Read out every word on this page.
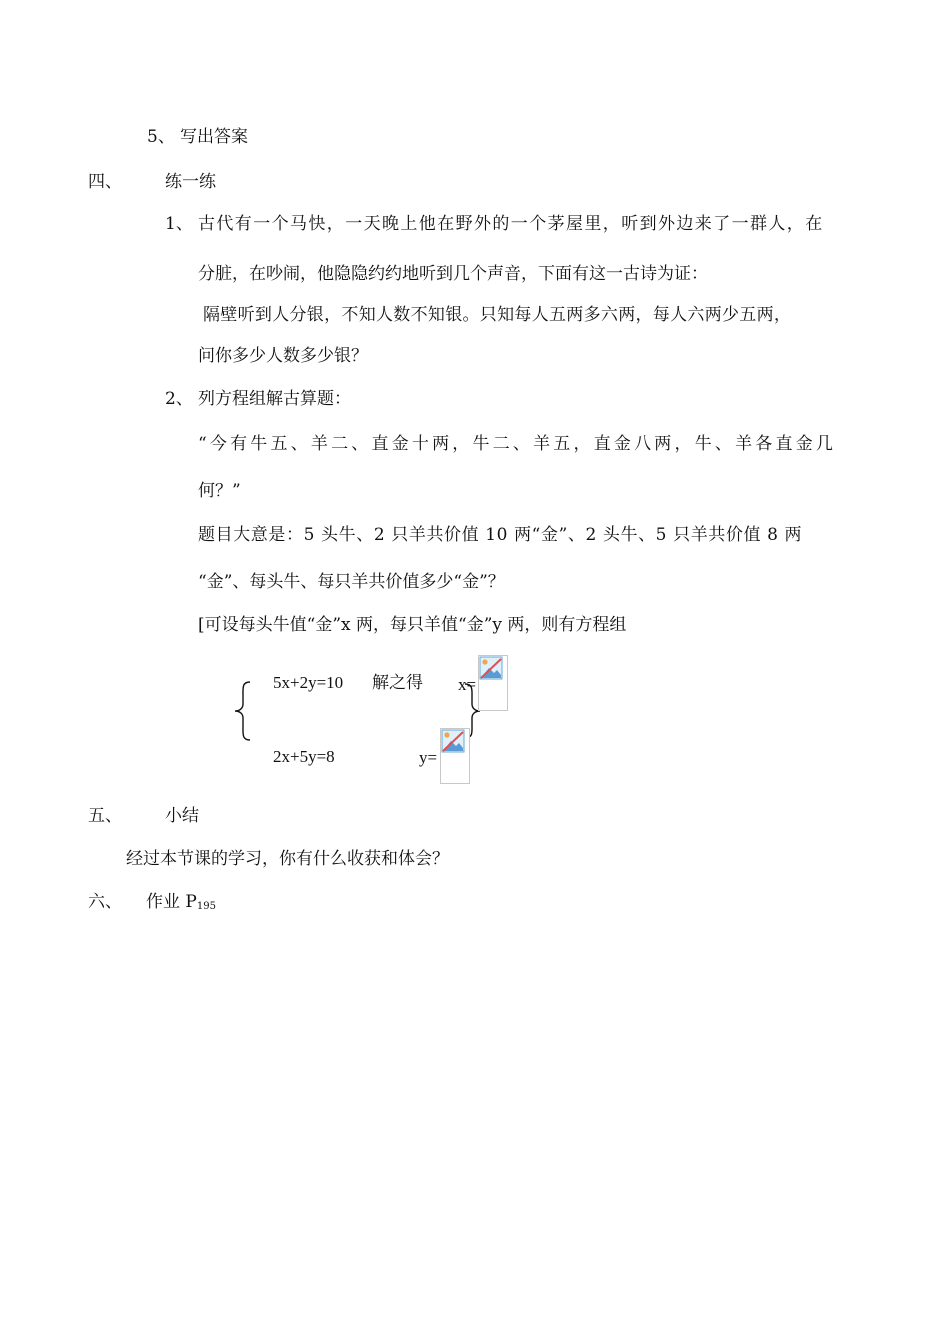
5、 写出答案
四、	练一练
1、 古代有一个马快，一天晚上他在野外的一个茅屋里，听到外边来了一群人，在
分脏，在吵闹，他隐隐约约地听到几个声音，下面有这一古诗为证：
隔壁听到人分银，不知人数不知银。只知每人五两多六两，每人六两少五两，
问你多少人数多少银？
2、 列方程组解古算题：
“今有牛五、羊二、直金十两，牛二、羊五，直金八两，牛、羊各直金几
何？”
题目大意是：5 头牛、2 只羊共价值 10 两“金”、2 头牛、5 只羊共价值 8 两
“金”、每头牛、每只羊共价值多少“金”？
[可设每头牛值“金”x 两，每只羊值“金”y 两，则有方程组
5x+2y=10 解之得 x=
2x+5y=8	y=
五、	小结
经过本节课的学习，你有什么收获和体会？
六、 作业 $P_{195}$
